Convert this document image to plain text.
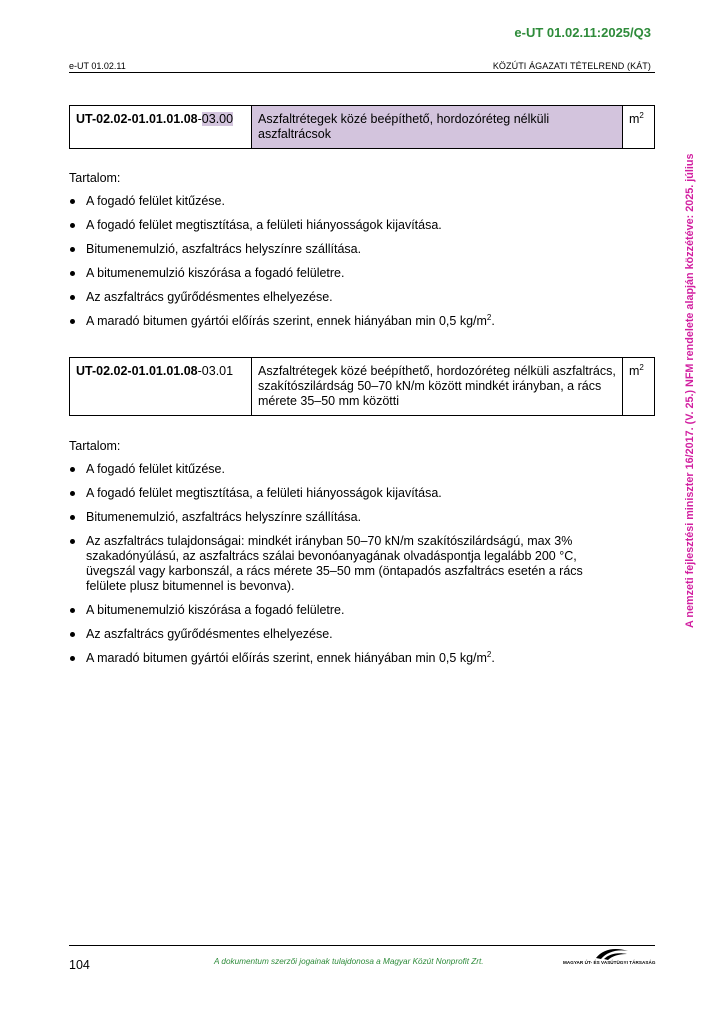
e-UT 01.02.11:2025/Q3
e-UT 01.02.11	KÖZÚTI ÁGAZATI TÉTELREND (KÁT)
UT-02.02-01.01.01.08-03.00	Aszfaltrétegek közé beépíthető, hordozóréteg nélküli aszfaltrácsok	$m^2$
Tartalom:
A fogadó felület kitűzése.
A fogadó felület megtisztítása, a felületi hiányosságok kijavítása.
Bitumenemulzió, aszfaltrács helyszínre szállítása.
A bitumenemulzió kiszórása a fogadó felületre.
Az aszfaltrács gyűrődésmentes elhelyezése.
A maradó bitumen gyártói előírás szerint, ennek hiányában min 0,5 $kg/m^2$.
UT-02.02-01.01.01.08-03.01	Aszfaltrétegek közé beépíthető, hordozóréteg nélküli aszfaltrács, szakítószilárdság 50–70 kN/m között mindkét irányban, a rács mérete 35–50 mm közötti	$m^2$
Tartalom:
A fogadó felület kitűzése.
A fogadó felület megtisztítása, a felületi hiányosságok kijavítása.
Bitumenemulzió, aszfaltrács helyszínre szállítása.
Az aszfaltrács tulajdonságai: mindkét irányban 50–70 kN/m szakítószilárdságú, max 3% szakadónyúlású, az aszfaltrács szálai bevonóanyagának olvadáspontja legalább 200 °C, üvegszál vagy karbonszál, a rács mérete 35–50 mm (öntapadós aszfaltrács esetén a rács felülete plusz bitumennel is bevonva).
A bitumenemulzió kiszórása a fogadó felületre.
Az aszfaltrács gyűrődésmentes elhelyezése.
A maradó bitumen gyártói előírás szerint, ennek hiányában min 0,5 $kg/m^2$.
A nemzeti fejlesztési miniszter 16/2017. (V. 25.) NFM rendelete alapján közzétéve: 2025. július
104	A dokumentum szerzői jogainak tulajdonosa a Magyar Közút Nonprofit Zrt.	MAGYAR ÚT- ÉS VASÚTÜGYI TÁRSASÁG
